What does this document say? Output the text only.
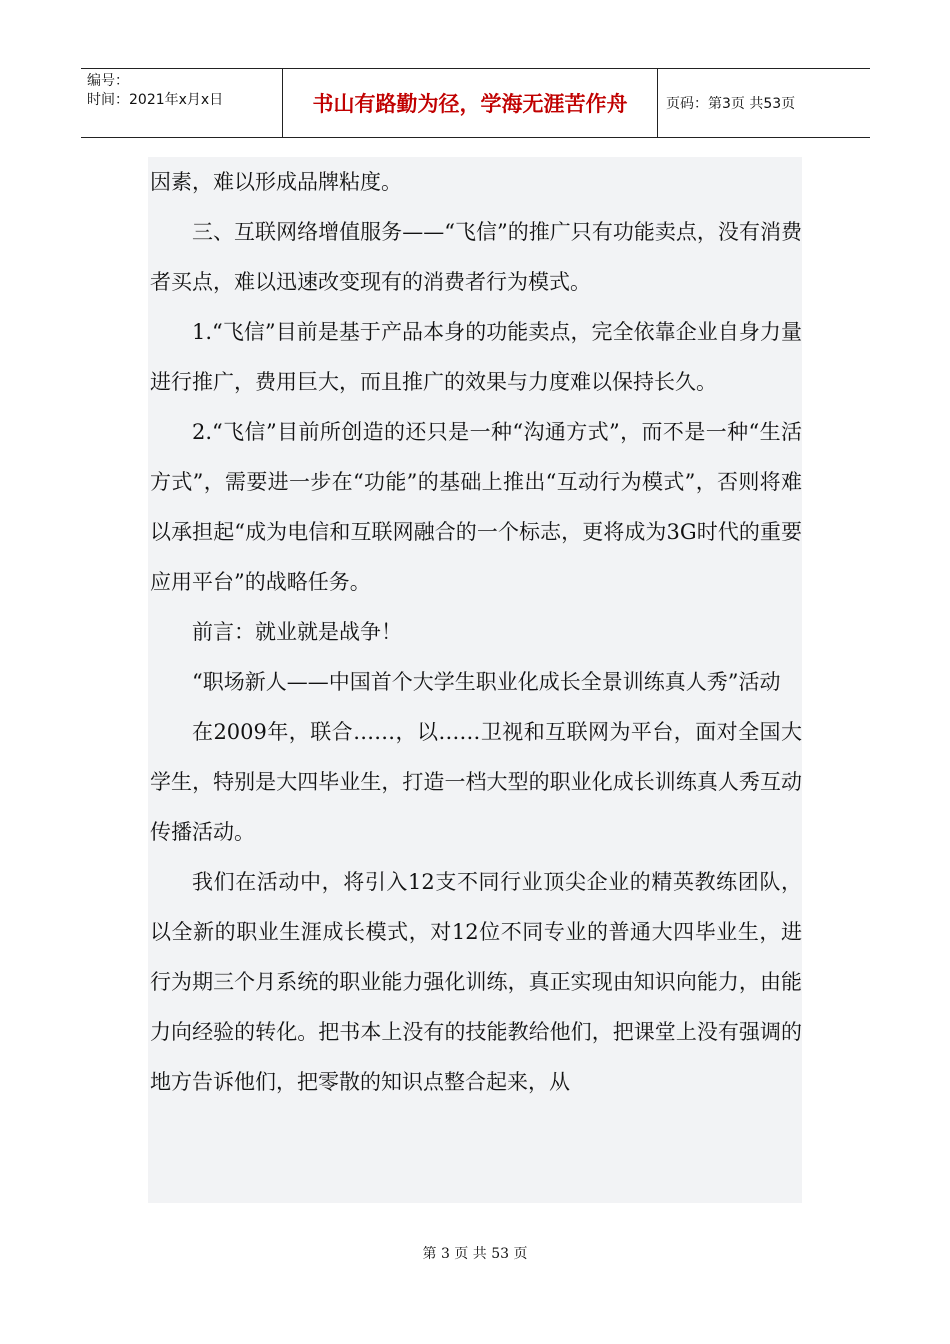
编号：
时间：2021年x月x日	书山有路勤为径，学海无涯苦作舟	页码：第3页 共53页

因素，难以形成品牌粘度。

三、互联网络增值服务——“飞信”的推广只有功能卖点，没有消费者买点，难以迅速改变现有的消费者行为模式。

1.“飞信”目前是基于产品本身的功能卖点，完全依靠企业自身力量进行推广，费用巨大，而且推广的效果与力度难以保持长久。

2.“飞信”目前所创造的还只是一种“沟通方式”，而不是一种“生活方式”，需要进一步在“功能”的基础上推出“互动行为模式”，否则将难以承担起“成为电信和互联网融合的一个标志，更将成为3G时代的重要应用平台”的战略任务。

前言：就业就是战争！

“职场新人——中国首个大学生职业化成长全景训练真人秀”活动

在2009年，联合……，以……卫视和互联网为平台，面对全国大学生，特别是大四毕业生，打造一档大型的职业化成长训练真人秀互动传播活动。

我们在活动中，将引入12支不同行业顶尖企业的精英教练团队，以全新的职业生涯成长模式，对12位不同专业的普通大四毕业生，进行为期三个月系统的职业能力强化训练，真正实现由知识向能力，由能力向经验的转化。把书本上没有的技能教给他们，把课堂上没有强调的地方告诉他们，把零散的知识点整合起来，从

第 3 页 共 53 页
